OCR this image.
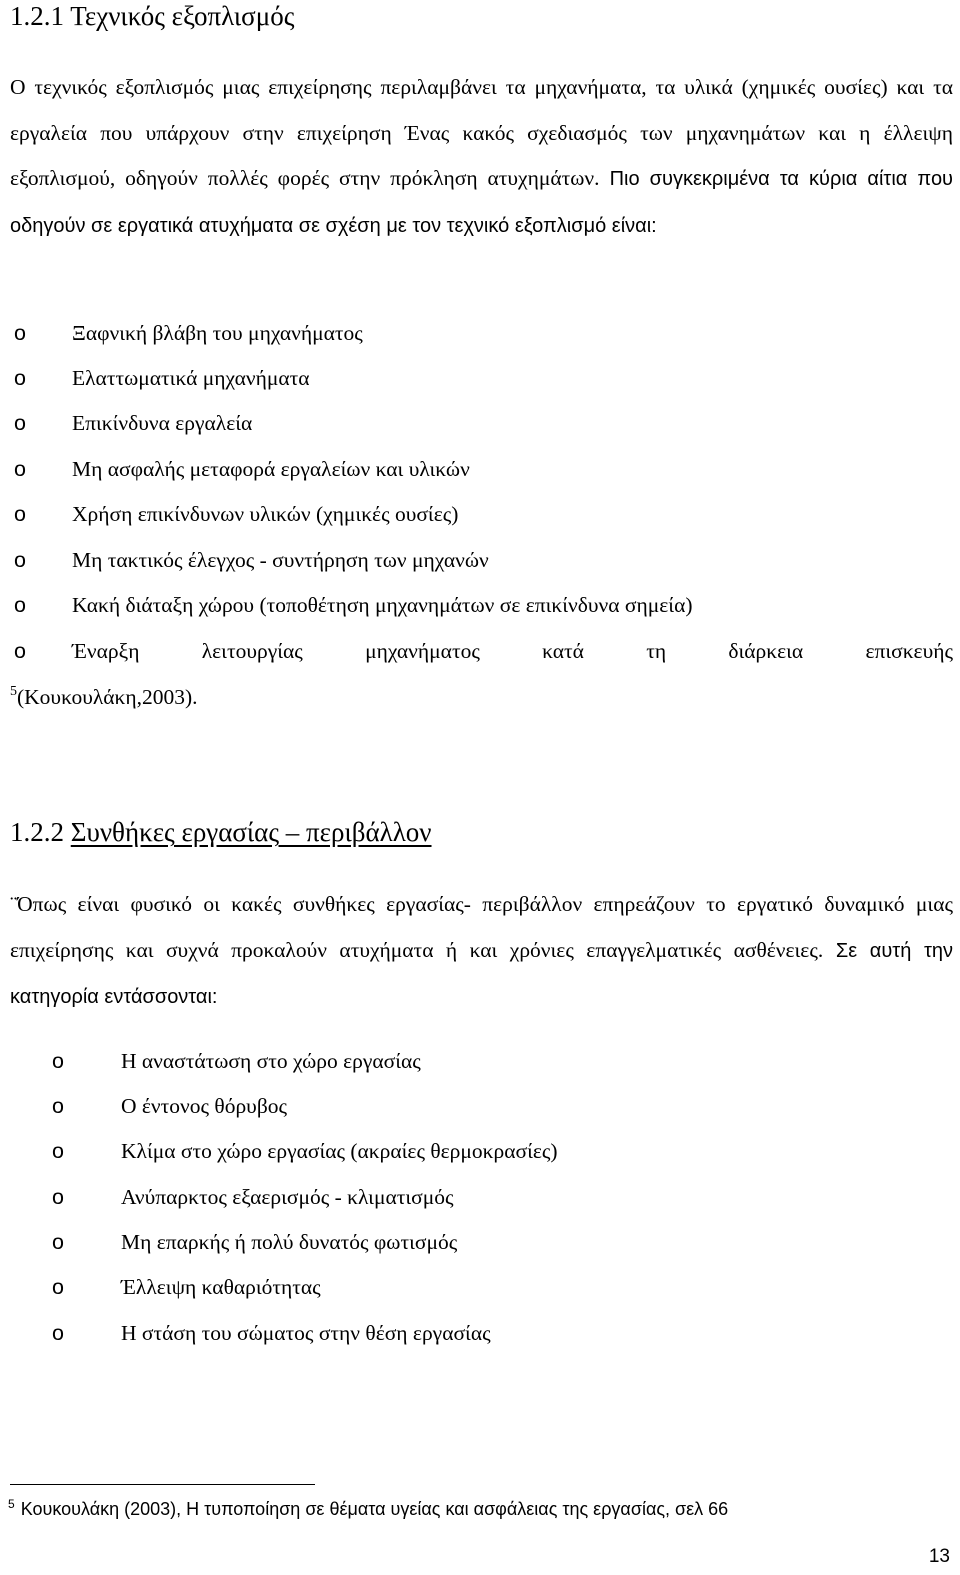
1.2.1 Τεχνικός εξοπλισμός
Ο τεχνικός εξοπλισμός μιας επιχείρησης περιλαμβάνει τα μηχανήματα, τα υλικά (χημικές ουσίες) και τα εργαλεία που υπάρχουν στην επιχείρηση Ένας κακός σχεδιασμός των μηχανημάτων και η έλλειψη εξοπλισμού, οδηγούν πολλές φορές στην πρόκληση ατυχημάτων. Πιο συγκεκριμένα τα κύρια αίτια που οδηγούν σε εργατικά ατυχήματα σε σχέση με τον τεχνικό εξοπλισμό είναι:
o Ξαφνική βλάβη του μηχανήματος
o Ελαττωματικά μηχανήματα
o Επικίνδυνα εργαλεία
o Μη ασφαλής μεταφορά εργαλείων και υλικών
o Χρήση επικίνδυνων υλικών (χημικές ουσίες)
o Μη τακτικός έλεγχος - συντήρηση των μηχανών
o Κακή διάταξη χώρου (τοποθέτηση μηχανημάτων σε επικίνδυνα σημεία)
o Έναρξη	λειτουργίας	μηχανήματος	κατά	τη	διάρκεια	επισκευής
$^5$(Κουκουλάκη,2003).
1.2.2 Συνθήκες εργασίας – περιβάλλον
¨Όπως είναι φυσικό οι κακές συνθήκες εργασίας- περιβάλλον επηρεάζουν το εργατικό δυναμικό μιας επιχείρησης και συχνά προκαλούν ατυχήματα ή και χρόνιες επαγγελματικές ασθένειες. Σε αυτή την κατηγορία εντάσσονται:
o	Η αναστάτωση στο χώρο εργασίας
o	Ο έντονος θόρυβος
o	Κλίμα στο χώρο εργασίας (ακραίες θερμοκρασίες)
o	Ανύπαρκτος εξαερισμός - κλιματισμός
o	Μη επαρκής ή πολύ δυνατός φωτισμός
o	Έλλειψη καθαριότητας
o	Η στάση του σώματος στην θέση εργασίας
$^5$ Κουκουλάκη (2003), Η τυποποίηση σε θέματα υγείας και ασφάλειας της εργασίας, σελ 66
13
